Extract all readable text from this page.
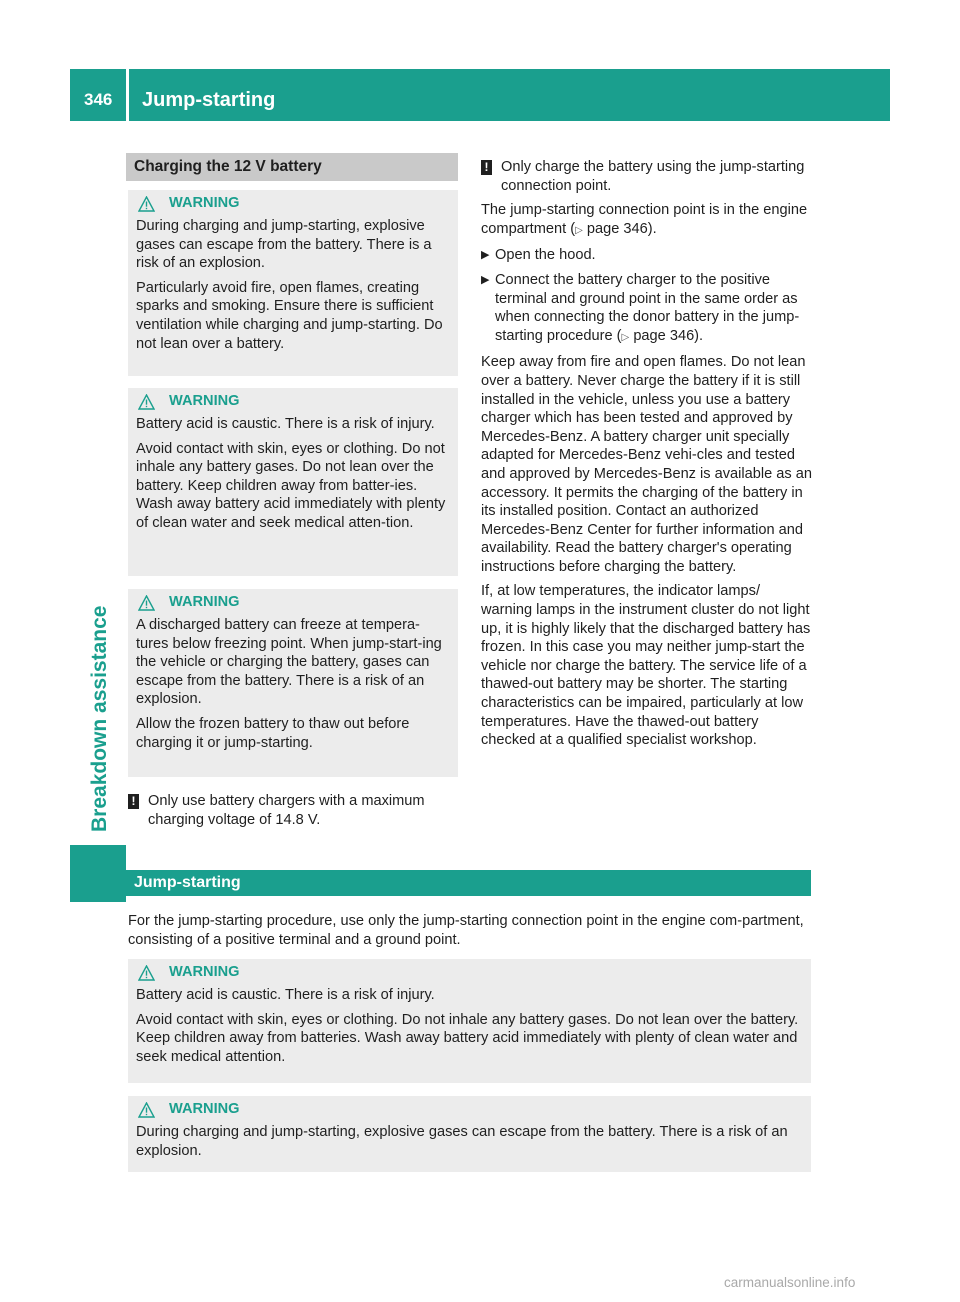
346 Jump-starting
Breakdown assistance
Charging the 12 V battery
WARNING

During charging and jump-starting, explosive gases can escape from the battery. There is a risk of an explosion.

Particularly avoid fire, open flames, creating sparks and smoking. Ensure there is sufficient ventilation while charging and jump-starting. Do not lean over a battery.

WARNING

Battery acid is caustic. There is a risk of injury.

Avoid contact with skin, eyes or clothing. Do not inhale any battery gases. Do not lean over the battery. Keep children away from batter-ies. Wash away battery acid immediately with plenty of clean water and seek medical atten-tion.

WARNING

A discharged battery can freeze at tempera-tures below freezing point. When jump-start-ing the vehicle or charging the battery, gases can escape from the battery. There is a risk of an explosion.

Allow the frozen battery to thaw out before charging it or jump-starting.

! Only use battery chargers with a maximum charging voltage of 14.8 V.
! Only charge the battery using the jump-starting connection point.

The jump-starting connection point is in the engine compartment (▷ page 346).

▶ Open the hood.
▶ Connect the battery charger to the positive terminal and ground point in the same order as when connecting the donor battery in the jump-starting procedure (▷ page 346).

Keep away from fire and open flames. Do not lean over a battery. Never charge the battery if it is still installed in the vehicle, unless you use a battery charger which has been tested and approved by Mercedes-Benz. A battery charger unit specially adapted for Mercedes-Benz vehi-cles and tested and approved by Mercedes-Benz is available as an accessory. It permits the charging of the battery in its installed position. Contact an authorized Mercedes-Benz Center for further information and availability. Read the battery charger's operating instructions before charging the battery.

If, at low temperatures, the indicator lamps/ warning lamps in the instrument cluster do not light up, it is highly likely that the discharged battery has frozen. In this case you may neither jump-start the vehicle nor charge the battery. The service life of a thawed-out battery may be shorter. The starting characteristics can be impaired, particularly at low temperatures. Have the thawed-out battery checked at a qualified specialist workshop.

Jump-starting

For the jump-starting procedure, use only the jump-starting connection point in the engine com-partment, consisting of a positive terminal and a ground point.

WARNING

Battery acid is caustic. There is a risk of injury.

Avoid contact with skin, eyes or clothing. Do not inhale any battery gases. Do not lean over the battery. Keep children away from batteries. Wash away battery acid immediately with plenty of clean water and seek medical attention.

WARNING

During charging and jump-starting, explosive gases can escape from the battery. There is a risk of an explosion.

carmanualsonline.info
